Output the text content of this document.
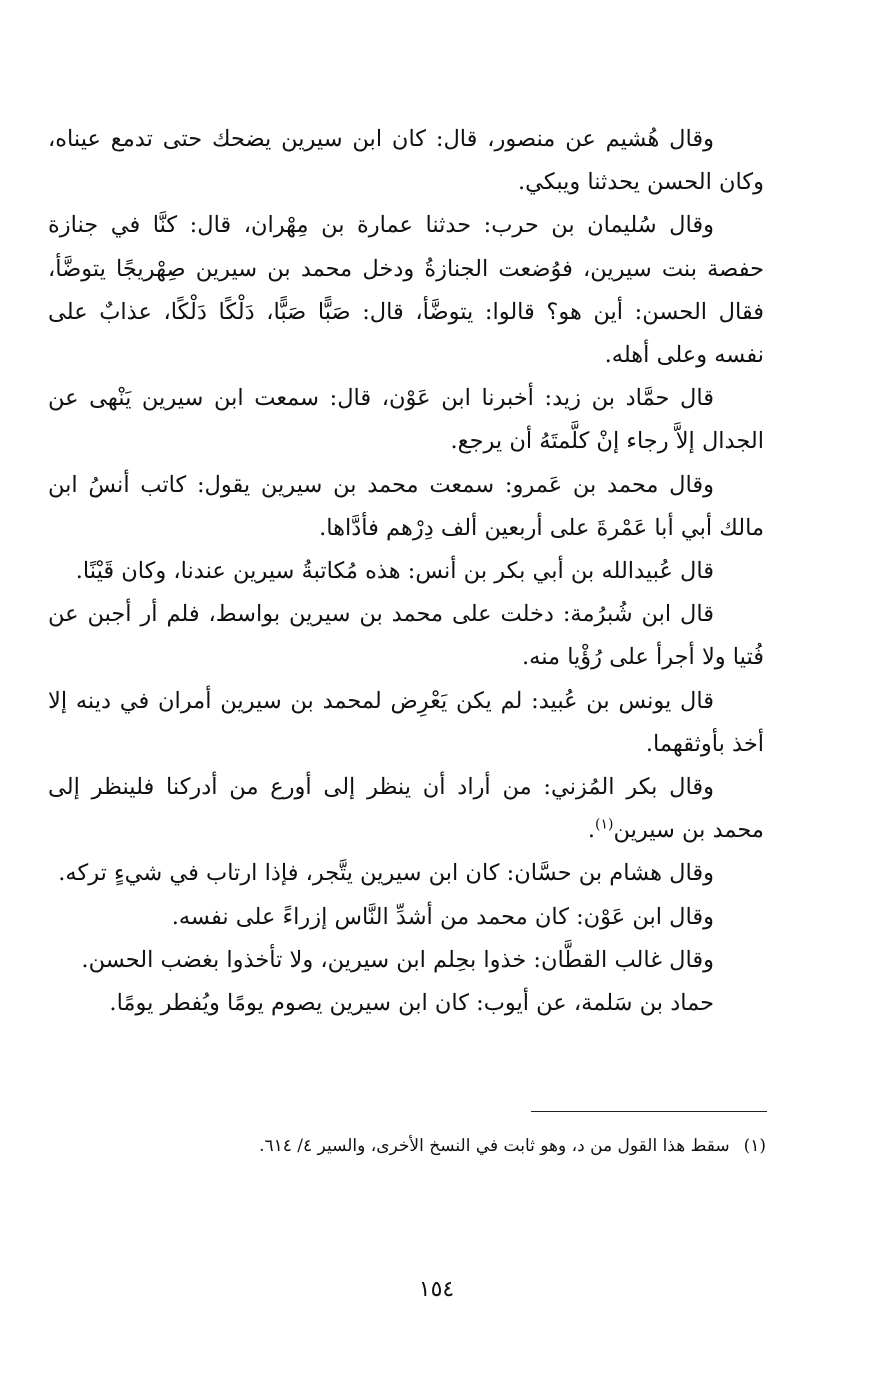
وقال هُشيم عن منصور، قال: كان ابن سيرين يضحك حتى تدمع عيناه، وكان الحسن يحدثنا ويبكي.

وقال سُليمان بن حرب: حدثنا عمارة بن مِهْران، قال: كنَّا في جنازة حفصة بنت سيرين، فوُضعت الجنازةُ ودخل محمد بن سيرين صِهْريجًا يتوضَّأ، فقال الحسن: أين هو؟ قالوا: يتوضَّأ، قال: صَبًّا صَبًّا، دَلْكًا دَلْكًا، عذابٌ على نفسه وعلى أهله.

قال حمَّاد بن زيد: أخبرنا ابن عَوْن، قال: سمعت ابن سيرين يَنْهى عن الجدال إلاَّ رجاء إنْ كلَّمتَهُ أن يرجع.

وقال محمد بن عَمرو: سمعت محمد بن سيرين يقول: كاتب أنسُ ابن مالك أبي أبا عَمْرةَ على أربعين ألف دِرْهم فأدَّاها.

قال عُبيدالله بن أبي بكر بن أنس: هذه مُكاتبةُ سيرين عندنا، وكان قَيْنًا.

قال ابن شُبرُمة: دخلت على محمد بن سيرين بواسط، فلم أر أجبن عن فُتيا ولا أجرأ على رُؤْيا منه.

قال يونس بن عُبيد: لم يكن يَعْرِض لمحمد بن سيرين أمران في دينه إلا أخذ بأوثقهما.

وقال بكر المُزني: من أراد أن ينظر إلى أورع من أدركنا فلينظر إلى محمد بن سيرين$^{(١)}$.

وقال هشام بن حسَّان: كان ابن سيرين يتَّجر، فإذا ارتاب في شيءٍ تركه.

وقال ابن عَوْن: كان محمد من أشدِّ النَّاس إزراءً على نفسه.

وقال غالب القطَّان: خذوا بحِلم ابن سيرين، ولا تأخذوا بغضب الحسن.

حماد بن سَلمة، عن أيوب: كان ابن سيرين يصوم يومًا ويُفطر يومًا.

(١)سقط هذا القول من د، وهو ثابت في النسخ الأخرى، والسير ٤/ ٦١٤.
١٥٤
